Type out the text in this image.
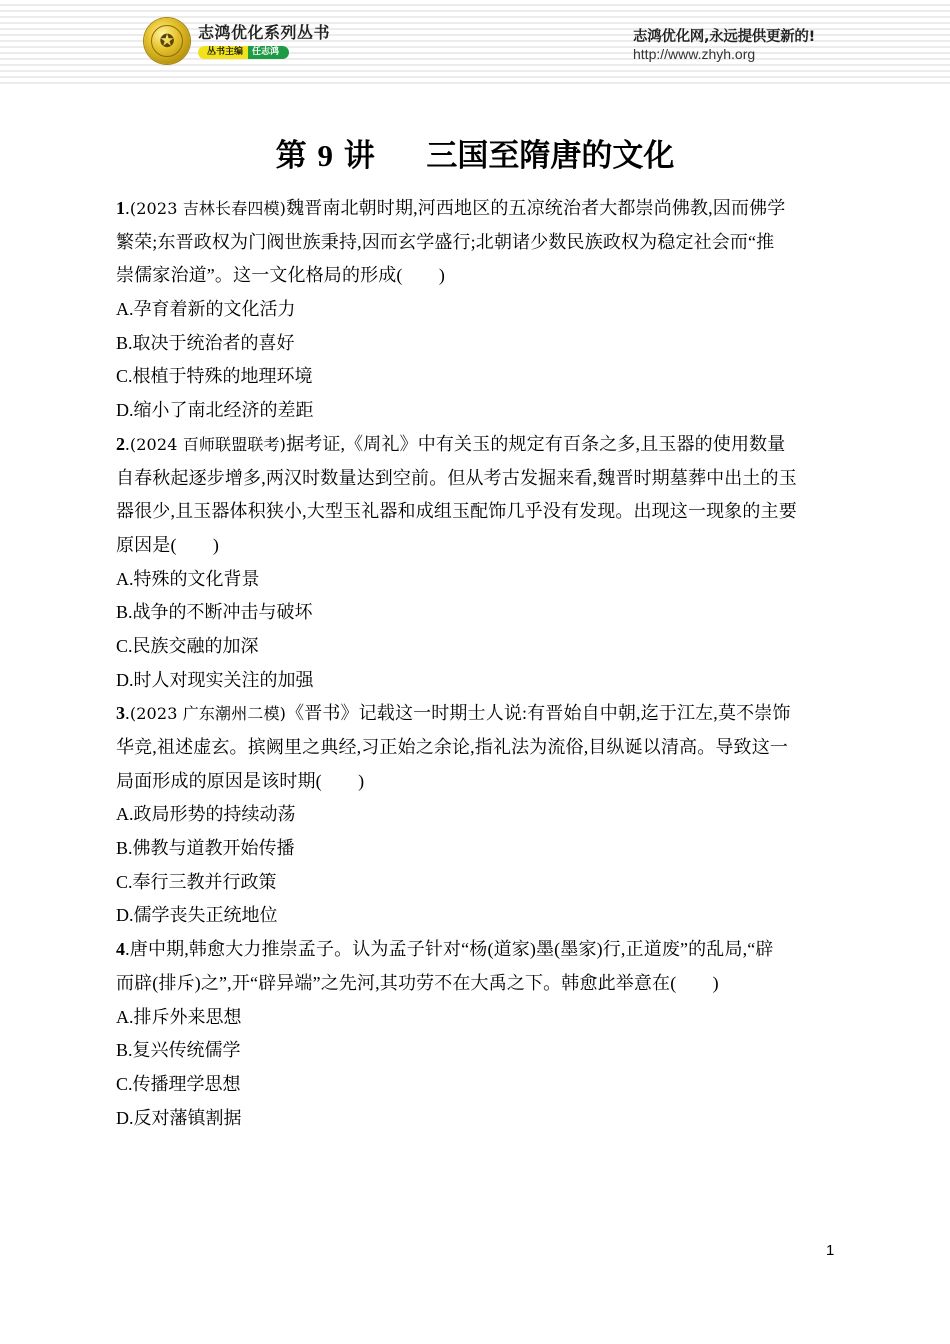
✪	志鸿优化系列丛书
丛书主编	任志鸿
志鸿优化网,永远提供更新的!
http://www.zhyh.org
第 9 讲 三国至隋唐的文化
1.(2023 吉林长春四模)魏晋南北朝时期,河西地区的五凉统治者大都崇尚佛教,因而佛学
繁荣;东晋政权为门阀世族秉持,因而玄学盛行;北朝诸少数民族政权为稳定社会而“推
崇儒家治道”。这一文化格局的形成(　　)
A.孕育着新的文化活力
B.取决于统治者的喜好
C.根植于特殊的地理环境
D.缩小了南北经济的差距
2.(2024 百师联盟联考)据考证,《周礼》中有关玉的规定有百条之多,且玉器的使用数量
自春秋起逐步增多,两汉时数量达到空前。但从考古发掘来看,魏晋时期墓葬中出土的玉
器很少,且玉器体积狭小,大型玉礼器和成组玉配饰几乎没有发现。出现这一现象的主要
原因是(　　)
A.特殊的文化背景
B.战争的不断冲击与破坏
C.民族交融的加深
D.时人对现实关注的加强
3.(2023 广东潮州二模)《晋书》记载这一时期士人说:有晋始自中朝,迄于江左,莫不崇饰
华竞,祖述虚玄。摈阙里之典经,习正始之余论,指礼法为流俗,目纵诞以清高。导致这一
局面形成的原因是该时期(　　)
A.政局形势的持续动荡
B.佛教与道教开始传播
C.奉行三教并行政策
D.儒学丧失正统地位
4.唐中期,韩愈大力推崇孟子。认为孟子针对“杨(道家)墨(墨家)行,正道废”的乱局,“辟
而辟(排斥)之”,开“辟异端”之先河,其功劳不在大禹之下。韩愈此举意在(　　)
A.排斥外来思想
B.复兴传统儒学
C.传播理学思想
D.反对藩镇割据
1
